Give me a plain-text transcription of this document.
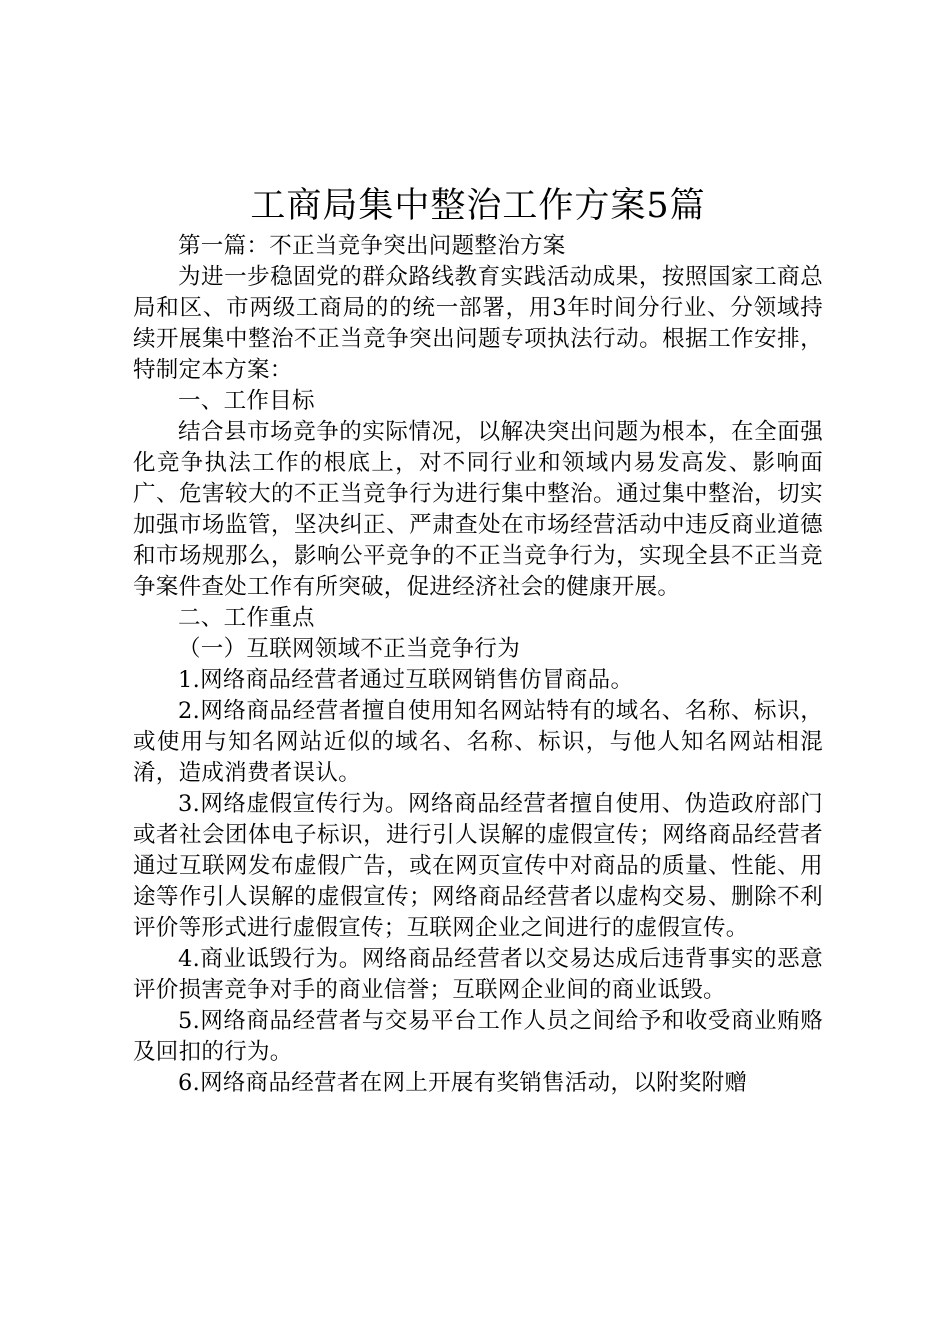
工商局集中整治工作方案5篇

第一篇：不正当竞争突出问题整治方案

为进一步稳固党的群众路线教育实践活动成果，按照国家工商总局和区、市两级工商局的的统一部署，用3年时间分行业、分领域持续开展集中整治不正当竞争突出问题专项执法行动。根据工作安排，特制定本方案：

一、工作目标

结合县市场竞争的实际情况，以解决突出问题为根本，在全面强化竞争执法工作的根底上，对不同行业和领域内易发高发、影响面广、危害较大的不正当竞争行为进行集中整治。通过集中整治，切实加强市场监管，坚决纠正、严肃查处在市场经营活动中违反商业道德和市场规那么，影响公平竞争的不正当竞争行为，实现全县不正当竞争案件查处工作有所突破，促进经济社会的健康开展。

二、工作重点

（一）互联网领域不正当竞争行为

1.网络商品经营者通过互联网销售仿冒商品。

2.网络商品经营者擅自使用知名网站特有的域名、名称、标识，或使用与知名网站近似的域名、名称、标识，与他人知名网站相混淆，造成消费者误认。

3.网络虚假宣传行为。网络商品经营者擅自使用、伪造政府部门或者社会团体电子标识，进行引人误解的虚假宣传；网络商品经营者通过互联网发布虚假广告，或在网页宣传中对商品的质量、性能、用途等作引人误解的虚假宣传；网络商品经营者以虚构交易、删除不利评价等形式进行虚假宣传；互联网企业之间进行的虚假宣传。

4.商业诋毁行为。网络商品经营者以交易达成后违背事实的恶意评价损害竞争对手的商业信誉；互联网企业间的商业诋毁。

5.网络商品经营者与交易平台工作人员之间给予和收受商业贿赂及回扣的行为。

6.网络商品经营者在网上开展有奖销售活动，以附奖附赠
